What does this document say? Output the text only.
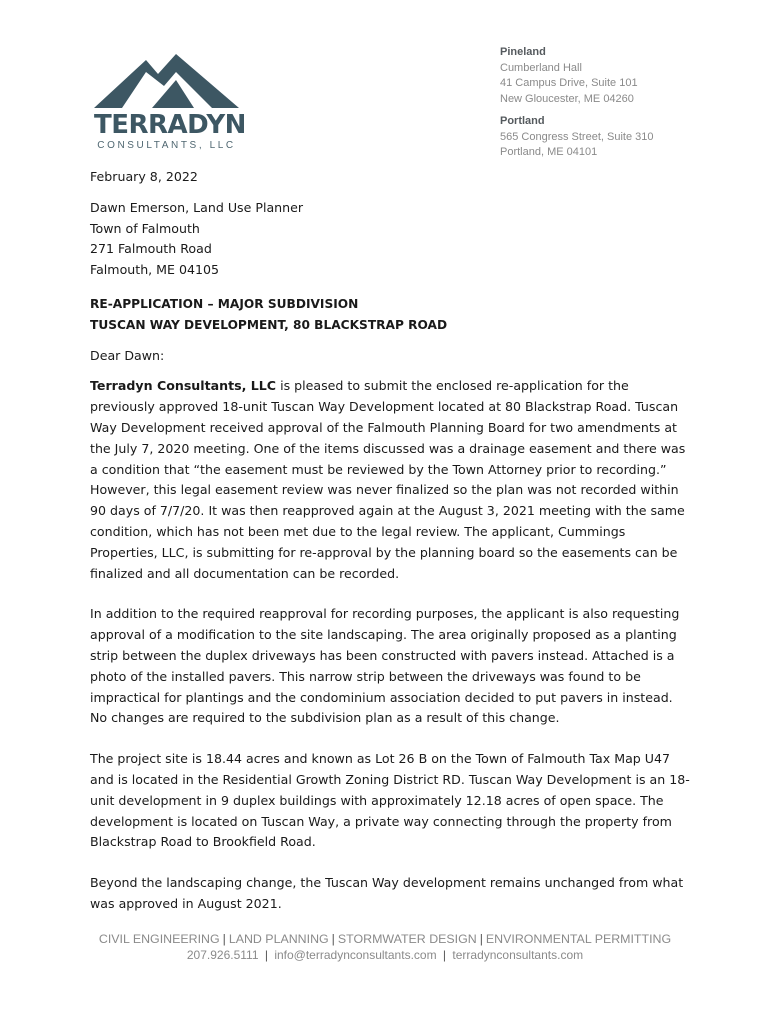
TERRADYN
CONSULTANTS, LLC
Pineland
Cumberland Hall
41 Campus Drive, Suite 101
New Gloucester, ME 04260
Portland
565 Congress Street, Suite 310
Portland, ME 04101

February 8, 2022

Dawn Emerson, Land Use Planner

Town of Falmouth

271 Falmouth Road

Falmouth, ME 04105

RE-APPLICATION – MAJOR SUBDIVISION

TUSCAN WAY DEVELOPMENT, 80 BLACKSTRAP ROAD

Dear Dawn:

Terradyn Consultants, LLC is pleased to submit the enclosed re-application for the previously approved 18-unit Tuscan Way Development located at 80 Blackstrap Road. Tuscan Way Development received approval of the Falmouth Planning Board for two amendments at the July 7, 2020 meeting. One of the items discussed was a drainage easement and there was a condition that “the easement must be reviewed by the Town Attorney prior to recording.” However, this legal easement review was never finalized so the plan was not recorded within 90 days of 7/7/20. It was then reapproved again at the August 3, 2021 meeting with the same condition, which has not been met due to the legal review. The applicant, Cummings Properties, LLC, is submitting for re-approval by the planning board so the easements can be finalized and all documentation can be recorded.

In addition to the required reapproval for recording purposes, the applicant is also requesting approval of a modification to the site landscaping. The area originally proposed as a planting strip between the duplex driveways has been constructed with pavers instead. Attached is a photo of the installed pavers. This narrow strip between the driveways was found to be impractical for plantings and the condominium association decided to put pavers in instead. No changes are required to the subdivision plan as a result of this change.

The project site is 18.44 acres and known as Lot 26 B on the Town of Falmouth Tax Map U47 and is located in the Residential Growth Zoning District RD. Tuscan Way Development is an 18-unit development in 9 duplex buildings with approximately 12.18 acres of open space. The development is located on Tuscan Way, a private way connecting through the property from Blackstrap Road to Brookfield Road.

Beyond the landscaping change, the Tuscan Way development remains unchanged from what was approved in August 2021.

CIVIL ENGINEERING | LAND PLANNING | STORMWATER DESIGN | ENVIRONMENTAL PERMITTING
207.926.5111 | info@terradynconsultants.com | terradynconsultants.com
